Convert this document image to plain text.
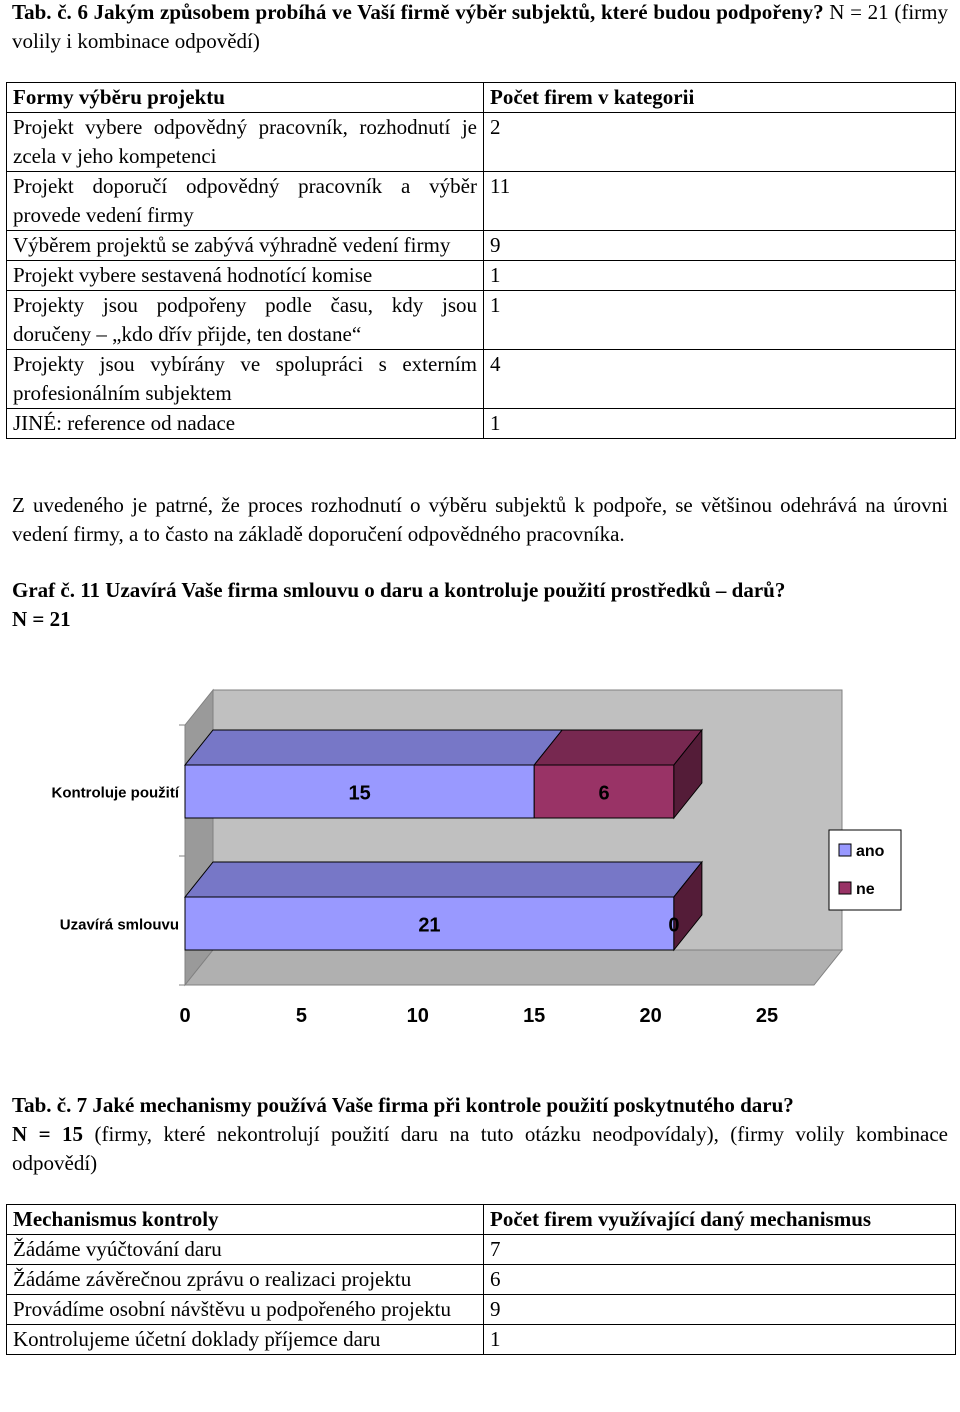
Tab. č. 6 Jakým způsobem probíhá ve Vaší firmě výběr subjektů, které budou podpořeny? N = 21 (firmy volily i kombinace odpovědí)
Formy výběru projektu	Počet firem v kategorii
Projekt vybere odpovědný pracovník, rozhodnutí je zcela v jeho kompetenci	2
Projekt doporučí odpovědný pracovník a výběr provede vedení firmy	11
Výběrem projektů se zabývá výhradně vedení firmy	9
Projekt vybere sestavená hodnotící komise	1
Projekty jsou podpořeny podle času, kdy jsou doručeny – „kdo dřív přijde, ten dostane“	1
Projekty jsou vybírány ve spolupráci s externím profesionálním subjektem	4
JINÉ: reference od nadace	1
Z uvedeného je patrné, že proces rozhodnutí o výběru subjektů k podpoře, se většinou odehrává na úrovni vedení firmy, a to často na základě doporučení odpovědného pracovníka.
Graf č. 11 Uzavírá Vaše firma smlouvu o daru a kontroluje použití prostředků – darů?
N = 21
Kontroluje použití	15	6
Uzavírá smlouvu	21	0
0	5	10	15	20	25
ano
ne
Tab. č. 7 Jaké mechanismy používá Vaše firma při kontrole použití poskytnutého daru?
N = 15 (firmy, které nekontrolují použití daru na tuto otázku neodpovídaly), (firmy volily kombinace odpovědí)
Mechanismus kontroly	Počet firem využívající daný mechanismus
Žádáme vyúčtování daru	7
Žádáme závěrečnou zprávu o realizaci projektu	6
Provádíme osobní návštěvu u podpořeného projektu	9
Kontrolujeme účetní doklady příjemce daru	1
